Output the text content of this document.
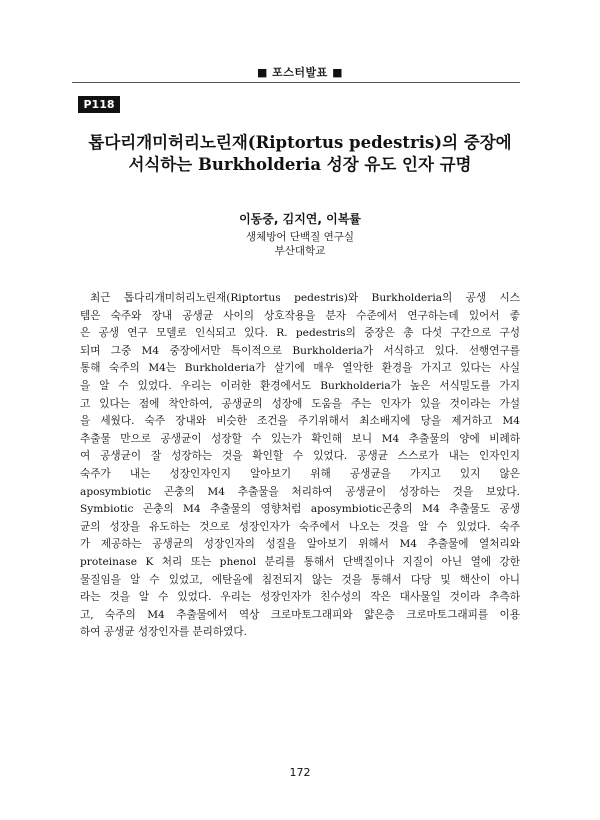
■ 포스터발표 ■
P118
톱다리개미허리노린재(Riptortus pedestris)의 중장에
서식하는 Burkholderia 성장 유도 인자 규명
이동중, 김지연, 이복률
생체방어 단백질 연구실
부산대학교
최근 톱다리개미허리노린재(Riptortus pedestris)와 Burkholderia의 공생 시스
템은 숙주와 장내 공생균 사이의 상호작용을 분자 수준에서 연구하는데 있어서 좋
은 공생 연구 모델로 인식되고 있다. R. pedestris의 중장은 총 다섯 구간으로 구성
되며 그중 M4 중장에서만 특이적으로 Burkholderia가 서식하고 있다. 선행연구를
통해 숙주의 M4는 Burkholderia가 살기에 매우 열악한 환경을 가지고 있다는 사실
을 알 수 있었다. 우리는 이러한 환경에서도 Burkholderia가 높은 서식밀도를 가지
고 있다는 점에 착안하여, 공생균의 성장에 도움을 주는 인자가 있을 것이라는 가설
을 세웠다. 숙주 장내와 비슷한 조건을 주기위해서 최소배지에 당을 제거하고 M4
추출물 만으로 공생균이 성장할 수 있는가 확인해 보니 M4 추출물의 양에 비례하
여 공생균이 잘 성장하는 것을 확인할 수 있었다. 공생균 스스로가 내는 인자인지
숙주가 내는 성장인자인지 알아보기 위해 공생균을 가지고 있지 않은
aposymbiotic 곤충의 M4 추출물을 처리하여 공생균이 성장하는 것을 보았다.
Symbiotic 곤충의 M4 추출물의 영향처럼 aposymbiotic곤충의 M4 추출물도 공생
균의 성장을 유도하는 것으로 성장인자가 숙주에서 나오는 것을 알 수 있었다. 숙주
가 제공하는 공생균의 성장인자의 성질을 알아보기 위해서 M4 추출물에 열처리와
proteinase K 처리 또는 phenol 분리를 통해서 단백질이나 지질이 아닌 열에 강한
물질임을 알 수 있었고, 에탄올에 침전되지 않는 것을 통해서 다당 및 핵산이 아니
라는 것을 알 수 있었다. 우리는 성장인자가 친수성의 작은 대사물일 것이라 추측하
고, 숙주의 M4 추출물에서 역상 크로마토그래피와 얇은층 크로마토그래피를 이용
하여 공생균 성장인자를 분리하였다.
172
